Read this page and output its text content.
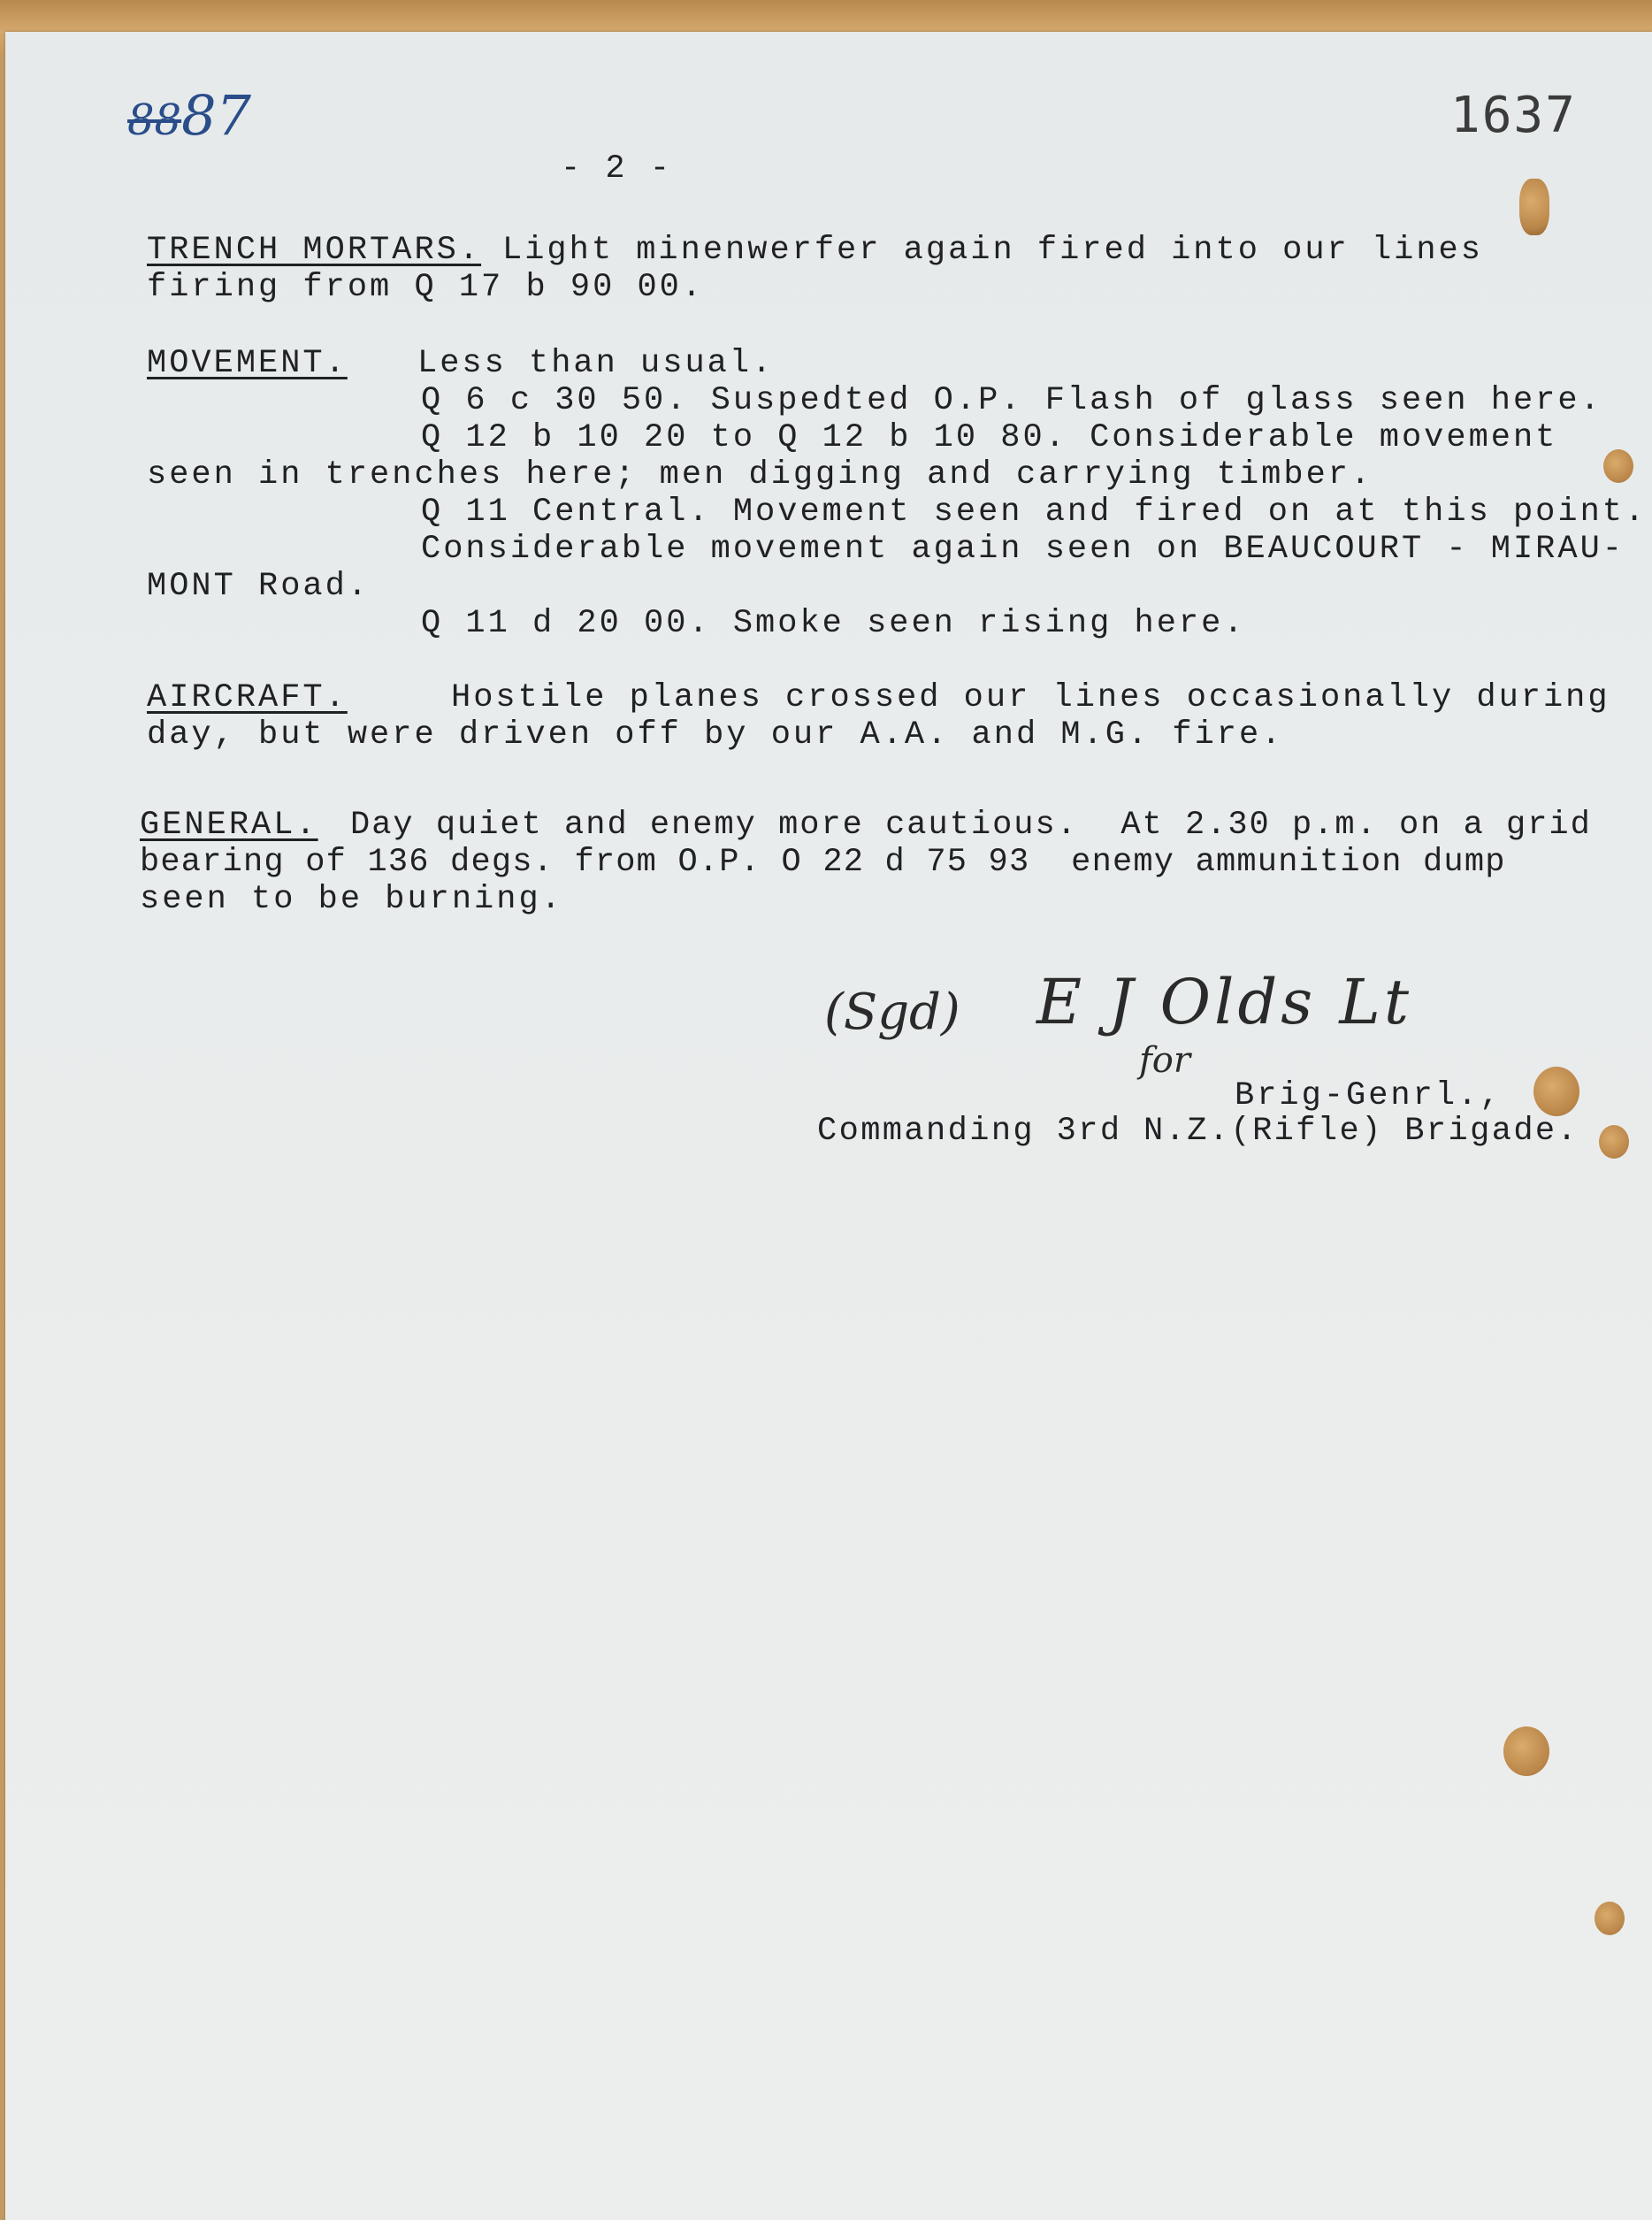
8887	1637
- 2 -
TRENCH MORTARS. Light minenwerfer again fired into our lines
firing from Q 17 b 90 00.
MOVEMENT. Less than usual.
Q 6 c 30 50. Suspedted O.P. Flash of glass seen here.
Q 12 b 10 20 to Q 12 b 10 80. Considerable movement
seen in trenches here; men digging and carrying timber.
Q 11 Central. Movement seen and fired on at this point.
Considerable movement again seen on BEAUCOURT - MIRAU-
MONT Road.
Q 11 d 20 00. Smoke seen rising here.
AIRCRAFT.	Hostile planes crossed our lines occasionally during
day, but were driven off by our A.A. and M.G. fire.
GENERAL. Day quiet and enemy more cautious.  At 2.30 p.m. on a grid
bearing of 136 degs. from O.P. O 22 d 75 93  enemy ammunition dump
seen to be burning.
(Sgd) E J Olds Lt
for
Brig-Genrl.,
Commanding 3rd N.Z.(Rifle) Brigade.
